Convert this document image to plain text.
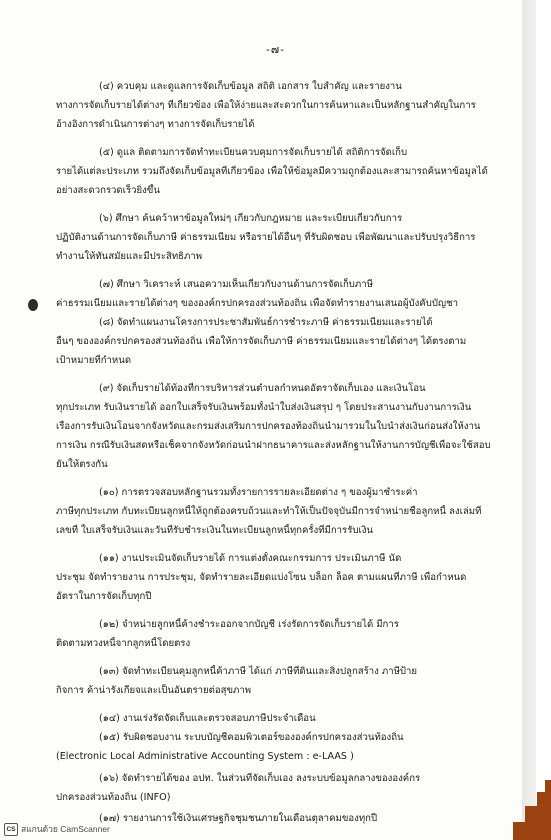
-๗-
(๔) ควบคุม และดูแลการจัดเก็บข้อมูล สถิติ เอกสาร ใบสำคัญ และรายงาน
ทางการจัดเก็บรายได้ต่างๆ ที่เกี่ยวข้อง เพื่อให้ง่ายและสะดวกในการค้นหาและเป็นหลักฐานสำคัญในการ
อ้างอิงการดำเนินการต่างๆ ทางการจัดเก็บรายได้
(๕) ดูแล ติดตามการจัดทำทะเบียนควบคุมการจัดเก็บรายได้ สถิติการจัดเก็บ
รายได้แต่ละประเภท รวมถึงจัดเก็บข้อมูลที่เกี่ยวข้อง เพื่อให้ข้อมูลมีความถูกต้องและสามารถค้นหาข้อมูลได้
อย่างสะดวกรวดเร็วยิ่งขึ้น
(๖) ศึกษา ค้นคว้าหาข้อมูลใหม่ๆ เกี่ยวกับกฎหมาย และระเบียบเกี่ยวกับการ
ปฏิบัติงานด้านการจัดเก็บภาษี ค่าธรรมเนียม หรือรายได้อื่นๆ ที่รับผิดชอบ เพื่อพัฒนาและปรับปรุงวิธีการ
ทำงานให้ทันสมัยและมีประสิทธิภาพ
(๗) ศึกษา วิเคราะห์ เสนอความเห็นเกี่ยวกับงานด้านการจัดเก็บภาษี
ค่าธรรมเนียมและรายได้ต่างๆ ขององค์กรปกครองส่วนท้องถิ่น เพื่อจัดทำรายงานเสนอผู้บังคับบัญชา
(๘) จัดทำแผนงานโครงการประชาสัมพันธ์การชำระภาษี ค่าธรรมเนียมและรายได้
อื่นๆ ขององค์กรปกครองส่วนท้องถิ่น เพื่อให้การจัดเก็บภาษี ค่าธรรมเนียมและรายได้ต่างๆ ได้ตรงตาม
เป้าหมายที่กำหนด
(๙) จัดเก็บรายได้ท้องที่การบริหารส่วนตำบลกำหนดอัตราจัดเก็บเอง และเงินโอน
ทุกประเภท รับเงินรายได้ ออกใบเสร็จรับเงินพร้อมทั้งนำใบส่งเงินสรุป ๆ โดยประสานงานกับงานการเงิน
เรื่องการรับเงินโอนจากจังหวัดและกรมส่งเสริมการปกครองท้องถิ่นนำมารวมในใบนำส่งเงินก่อนส่งให้งาน
การเงิน กรณีรับเงินสดหรือเช็คจากจังหวัดก่อนนำฝากธนาคารและส่งหลักฐานให้งานการบัญชีเพื่อจะใช้สอบ
ยันให้ตรงกัน
(๑๐) การตรวจสอบหลักฐานรวมทั้งรายการรายละเอียดต่าง ๆ ของผู้มาชำระค่า
ภาษีทุกประเภท กับทะเบียนลูกหนี้ให้ถูกต้องครบถ้วนและทำให้เป็นปัจจุบันมีการจำหน่ายชื่อลูกหนี้ ลงเล่มที่
เลขที่ ใบเสร็จรับเงินและวันที่รับชำระเงินในทะเบียนลูกหนี้ทุกครั้งที่มีการรับเงิน
(๑๑) งานประเมินจัดเก็บรายได้ การแต่งตั้งคณะกรรมการ ประเมินภาษี นัด
ประชุม จัดทำรายงาน การประชุม, จัดทำรายละเอียดแบ่งโซน บล็อก ล็อค ตามแผนที่ภาษี เพื่อกำหนด
อัตราในการจัดเก็บทุกปี
(๑๒) จำหน่ายลูกหนี้ค้างชำระออกจากบัญชี เร่งรัดการจัดเก็บรายได้ มีการ
ติดตามทวงหนี้จากลูกหนี้โดยตรง
(๑๓) จัดทำทะเบียนคุมลูกหนี้ค้าภาษี ได้แก่ ภาษีที่ดินและสิ่งปลูกสร้าง ภาษีป้าย
กิจการ ค้าน่ารังเกียจและเป็นอันตรายต่อสุขภาพ
(๑๔) งานเร่งรัดจัดเก็บและตรวจสอบภาษีประจำเดือน
(๑๕) รับผิดชอบงาน ระบบบัญชีคอมพิวเตอร์ขององค์กรปกครองส่วนท้องถิ่น
(Electronic Local Administrative Accounting System : e-LAAS )
(๑๖) จัดทำรายได้ของ อปท. ในส่วนที่จัดเก็บเอง ลงระบบข้อมูลกลางขององค์กร
ปกครองส่วนท้องถิ่น (INFO)
(๑๗) รายงานการใช้เงินเศรษฐกิจชุมชนภายในเดือนตุลาคมของทุกปี
CS สแกนด้วย CamScanner
